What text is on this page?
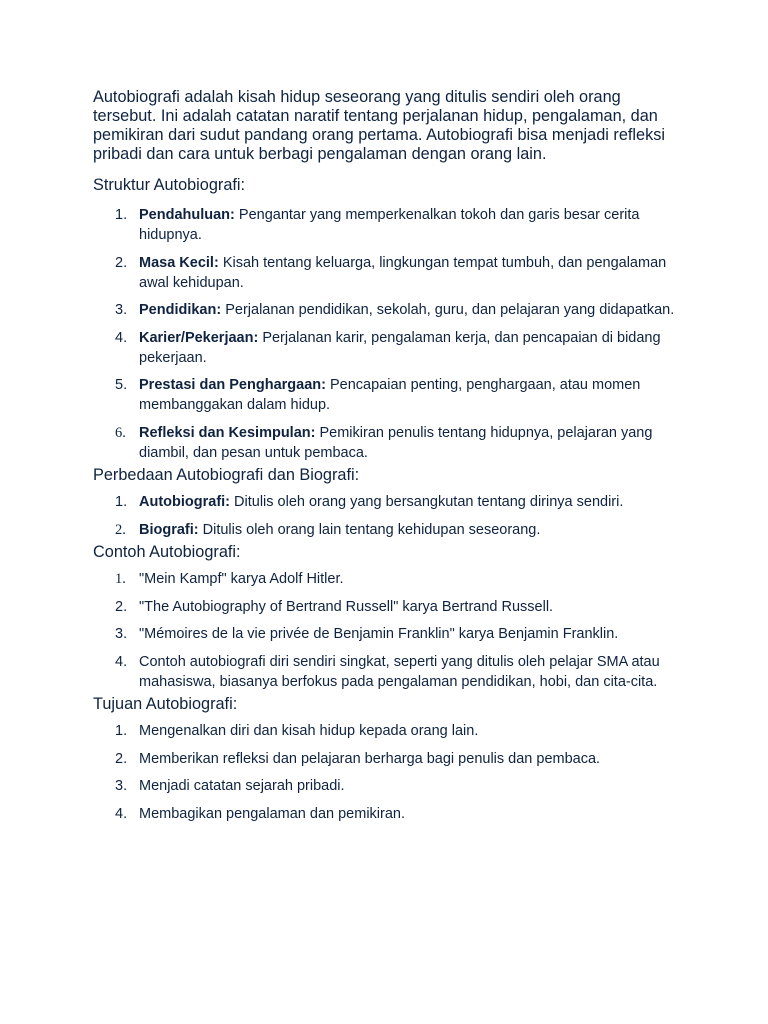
Autobiografi adalah kisah hidup seseorang yang ditulis sendiri oleh orang tersebut. Ini adalah catatan naratif tentang perjalanan hidup, pengalaman, dan pemikiran dari sudut pandang orang pertama. Autobiografi bisa menjadi refleksi pribadi dan cara untuk berbagi pengalaman dengan orang lain.

Struktur Autobiografi:
1. Pendahuluan: Pengantar yang memperkenalkan tokoh dan garis besar cerita hidupnya.
2. Masa Kecil: Kisah tentang keluarga, lingkungan tempat tumbuh, dan pengalaman awal kehidupan.
3. Pendidikan: Perjalanan pendidikan, sekolah, guru, dan pelajaran yang didapatkan.
4. Karier/Pekerjaan: Perjalanan karir, pengalaman kerja, dan pencapaian di bidang pekerjaan.
5. Prestasi dan Penghargaan: Pencapaian penting, penghargaan, atau momen membanggakan dalam hidup.
6. Refleksi dan Kesimpulan: Pemikiran penulis tentang hidupnya, pelajaran yang diambil, dan pesan untuk pembaca.
Perbedaan Autobiografi dan Biografi:
1. Autobiografi: Ditulis oleh orang yang bersangkutan tentang dirinya sendiri.
2. Biografi: Ditulis oleh orang lain tentang kehidupan seseorang.
Contoh Autobiografi:
1. "Mein Kampf" karya Adolf Hitler.
2. "The Autobiography of Bertrand Russell" karya Bertrand Russell.
3. "Mémoires de la vie privée de Benjamin Franklin" karya Benjamin Franklin.
4. Contoh autobiografi diri sendiri singkat, seperti yang ditulis oleh pelajar SMA atau mahasiswa, biasanya berfokus pada pengalaman pendidikan, hobi, dan cita-cita.
Tujuan Autobiografi:
1. Mengenalkan diri dan kisah hidup kepada orang lain.
2. Memberikan refleksi dan pelajaran berharga bagi penulis dan pembaca.
3. Menjadi catatan sejarah pribadi.
4. Membagikan pengalaman dan pemikiran.
